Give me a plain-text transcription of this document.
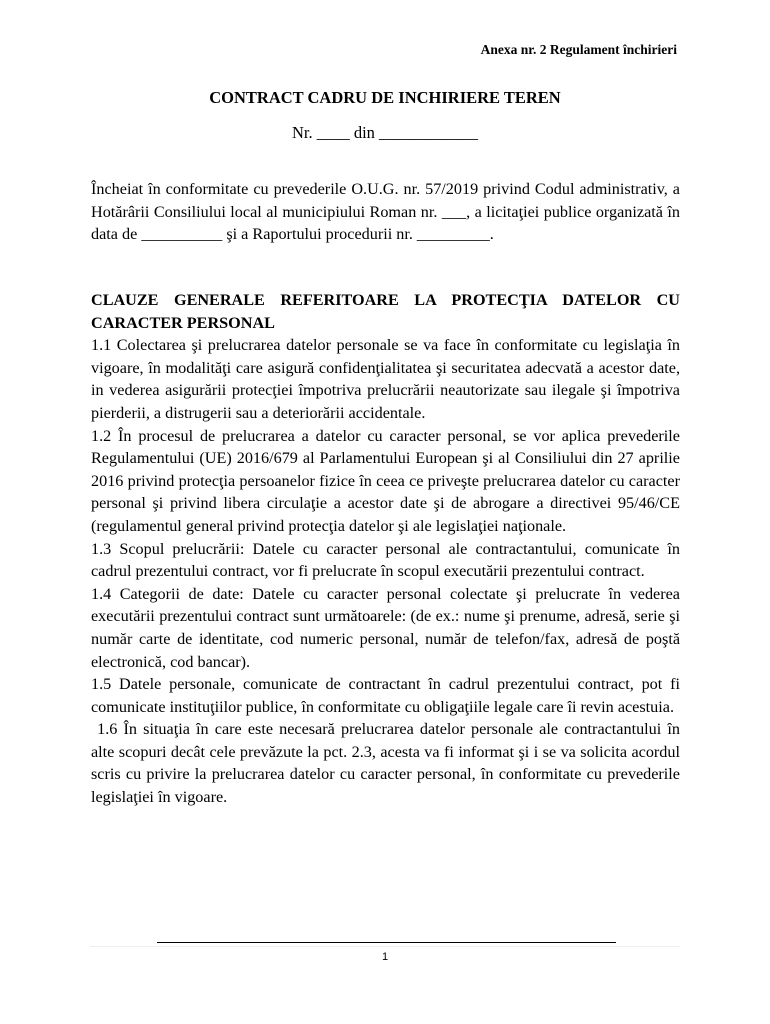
Anexa nr. 2 Regulament închirieri
CONTRACT CADRU DE INCHIRIERE TEREN
Nr. ____ din ____________

Încheiat în conformitate cu prevederile O.U.G. nr. 57/2019 privind Codul administrativ, a Hotărârii Consiliului local al municipiului Roman nr. ___, a licitaţiei publice organizată în data de __________ şi a Raportului procedurii nr. _________.

CLAUZE GENERALE REFERITOARE LA PROTECŢIA DATELOR CU CARACTER PERSONAL

1.1 Colectarea şi prelucrarea datelor personale se va face în conformitate cu legislaţia în vigoare, în modalităţi care asigură confidenţialitatea şi securitatea adecvată a acestor date, in vederea asigurării protecţiei împotriva prelucrării neautorizate sau ilegale şi împotriva pierderii, a distrugerii sau a deteriorării accidentale.

1.2 În procesul de prelucrarea a datelor cu caracter personal, se vor aplica prevederile Regulamentului (UE) 2016/679 al Parlamentului European şi al Consiliului din 27 aprilie 2016 privind protecţia persoanelor fizice în ceea ce priveşte prelucrarea datelor cu caracter personal şi privind libera circulaţie a acestor date şi de abrogare a directivei 95/46/CE (regulamentul general privind protecţia datelor şi ale legislaţiei naţionale.

1.3 Scopul prelucrării: Datele cu caracter personal ale contractantului, comunicate în cadrul prezentului contract, vor fi prelucrate în scopul executării prezentului contract.

1.4 Categorii de date: Datele cu caracter personal colectate şi prelucrate în vederea executării prezentului contract sunt următoarele: (de ex.: nume şi prenume, adresă, serie şi număr carte de identitate, cod numeric personal, număr de telefon/fax, adresă de poştă electronică, cod bancar).

1.5 Datele personale, comunicate de contractant în cadrul prezentului contract, pot fi comunicate instituţiilor publice, în conformitate cu obligaţiile legale care îi revin acestuia.

1.6 În situaţia în care este necesară prelucrarea datelor personale ale contractantului în alte scopuri decât cele prevăzute la pct. 2.3, acesta va fi informat şi i se va solicita acordul scris cu privire la prelucrarea datelor cu caracter personal, în conformitate cu prevederile legislaţiei în vigoare.

1
